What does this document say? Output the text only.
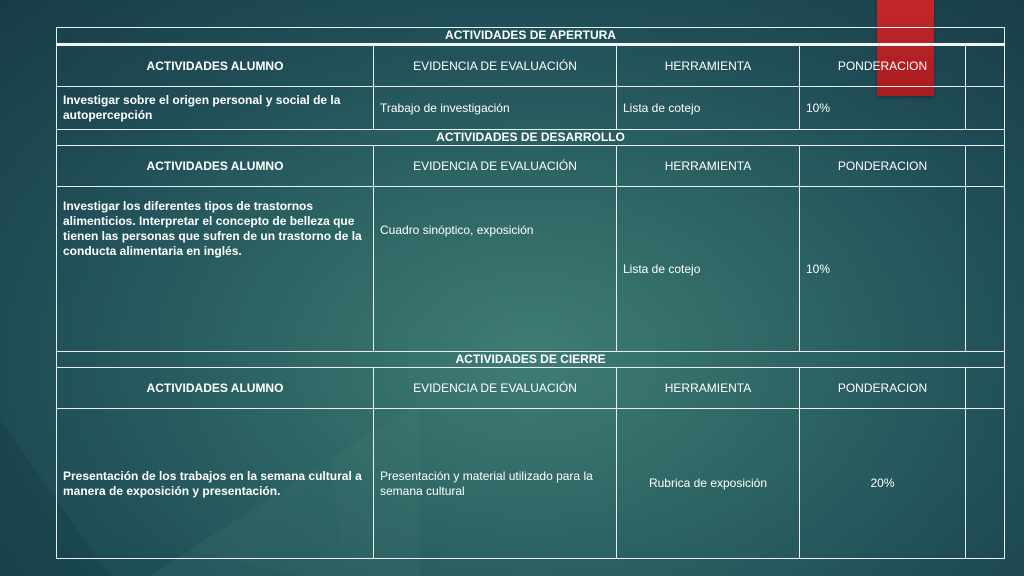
ACTIVIDADES DE APERTURA				
ACTIVIDADES ALUMNO	EVIDENCIA DE EVALUACIÓN	HERRAMIENTA	PONDERACION	
Investigar sobre el origen personal y social de la autopercepción	Trabajo de investigación	Lista de cotejo	10%	
ACTIVIDADES DE DESARROLLO				
ACTIVIDADES ALUMNO	EVIDENCIA DE EVALUACIÓN	HERRAMIENTA	PONDERACION	
Investigar los diferentes tipos de trastornos alimenticios. Interpretar el concepto de belleza que tienen las personas que sufren de un trastorno de la conducta alimentaria en inglés.	Cuadro sinóptico, exposición	Lista de cotejo	10%	
ACTIVIDADES DE CIERRE				
ACTIVIDADES ALUMNO	EVIDENCIA DE EVALUACIÓN	HERRAMIENTA	PONDERACION	
Presentación de los trabajos en la semana cultural a manera de exposición y presentación.	Presentación y material utilizado para la semana cultural	Rubrica de exposición	20%	
